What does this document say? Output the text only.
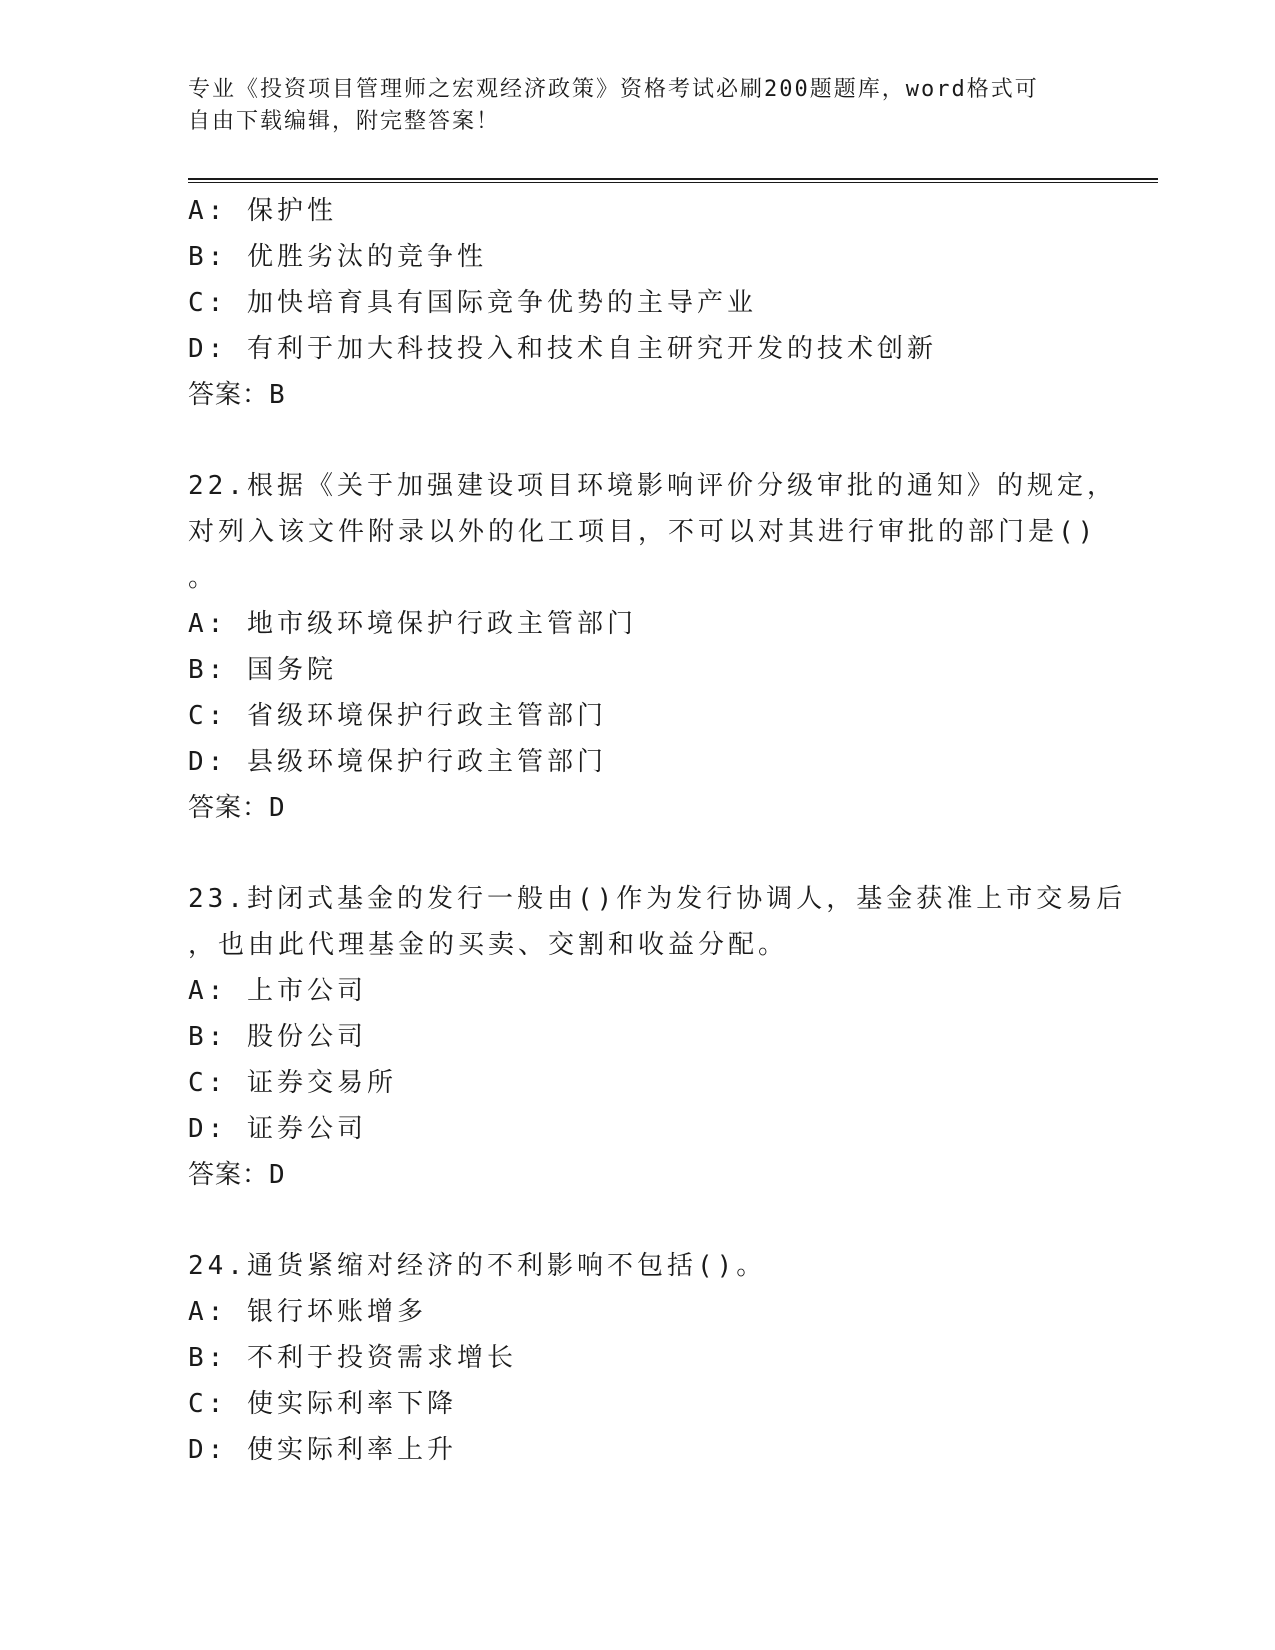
专业《投资项目管理师之宏观经济政策》资格考试必刷200题题库，word格式可
自由下载编辑，附完整答案！
A: 保护性
B: 优胜劣汰的竞争性
C: 加快培育具有国际竞争优势的主导产业
D: 有利于加大科技投入和技术自主研究开发的技术创新
答案：B
22.根据《关于加强建设项目环境影响评价分级审批的通知》的规定，
对列入该文件附录以外的化工项目，不可以对其进行审批的部门是()
。
A: 地市级环境保护行政主管部门
B: 国务院
C: 省级环境保护行政主管部门
D: 县级环境保护行政主管部门
答案：D
23.封闭式基金的发行一般由()作为发行协调人，基金获准上市交易后
，也由此代理基金的买卖、交割和收益分配。
A: 上市公司
B: 股份公司
C: 证券交易所
D: 证券公司
答案：D
24.通货紧缩对经济的不利影响不包括()。
A: 银行坏账增多
B: 不利于投资需求增长
C: 使实际利率下降
D: 使实际利率上升
